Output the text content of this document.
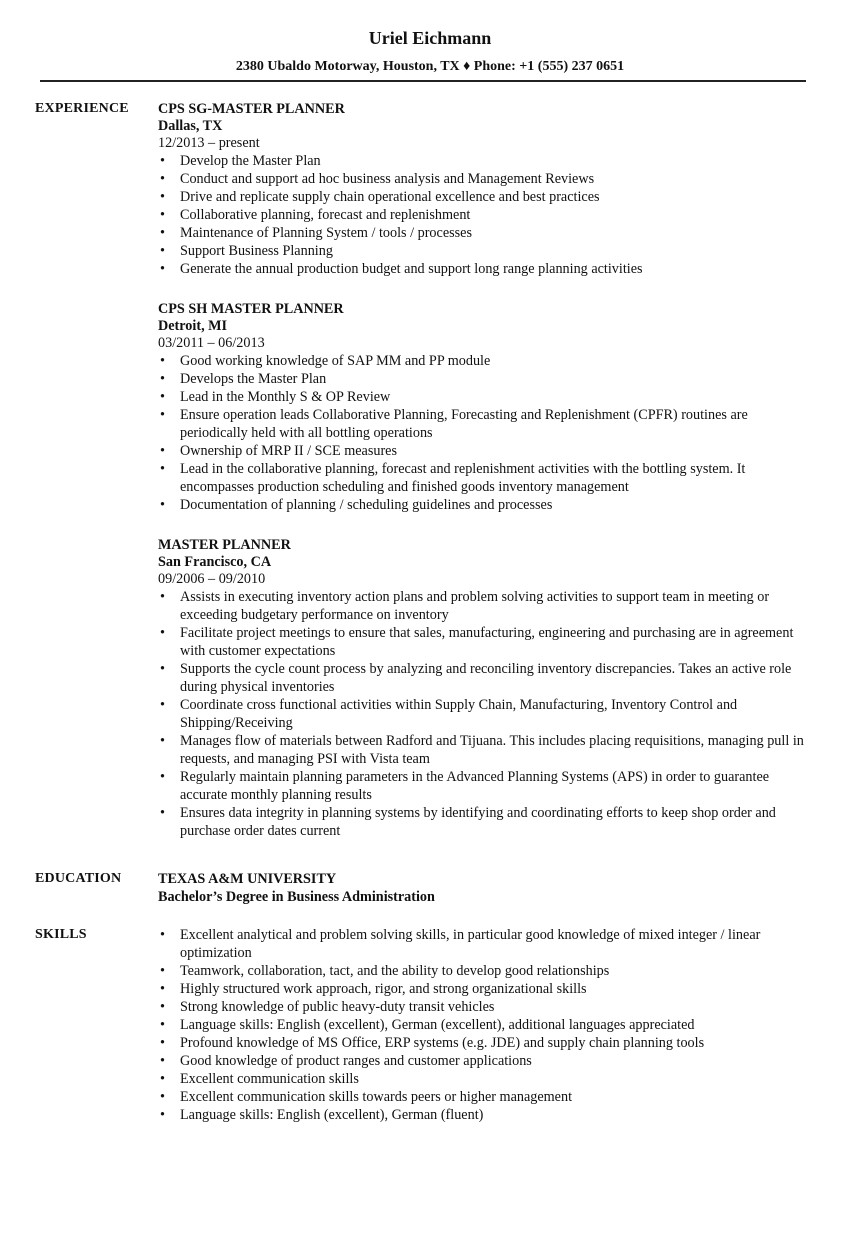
Uriel Eichmann
2380 Ubaldo Motorway, Houston, TX ♦ Phone: +1 (555) 237 0651
EXPERIENCE CPS SG-MASTER PLANNER
Dallas, TX
12/2013 – present
• Develop the Master Plan
• Conduct and support ad hoc business analysis and Management Reviews
• Drive and replicate supply chain operational excellence and best practices
• Collaborative planning, forecast and replenishment
• Maintenance of Planning System / tools / processes
• Support Business Planning
• Generate the annual production budget and support long range planning activities
CPS SH MASTER PLANNER
Detroit, MI
03/2011 – 06/2013
• Good working knowledge of SAP MM and PP module
• Develops the Master Plan
• Lead in the Monthly S & OP Review
• Ensure operation leads Collaborative Planning, Forecasting and Replenishment (CPFR) routines are periodically held with all bottling operations
• Ownership of MRP II / SCE measures
• Lead in the collaborative planning, forecast and replenishment activities with the bottling system. It encompasses production scheduling and finished goods inventory management
• Documentation of planning / scheduling guidelines and processes
MASTER PLANNER
San Francisco, CA
09/2006 – 09/2010
• Assists in executing inventory action plans and problem solving activities to support team in meeting or exceeding budgetary performance on inventory
• Facilitate project meetings to ensure that sales, manufacturing, engineering and purchasing are in agreement with customer expectations
• Supports the cycle count process by analyzing and reconciling inventory discrepancies. Takes an active role during physical inventories
• Coordinate cross functional activities within Supply Chain, Manufacturing, Inventory Control and Shipping/Receiving
• Manages flow of materials between Radford and Tijuana. This includes placing requisitions, managing pull in requests, and managing PSI with Vista team
• Regularly maintain planning parameters in the Advanced Planning Systems (APS) in order to guarantee accurate monthly planning results
• Ensures data integrity in planning systems by identifying and coordinating efforts to keep shop order and purchase order dates current
EDUCATION	TEXAS A&M UNIVERSITY
Bachelor’s Degree in Business Administration
SKILLS
•	Excellent analytical and problem solving skills, in particular good knowledge of mixed integer / linear optimization
• Teamwork, collaboration, tact, and the ability to develop good relationships
• Highly structured work approach, rigor, and strong organizational skills
• Strong knowledge of public heavy-duty transit vehicles
• Language skills: English (excellent), German (excellent), additional languages appreciated
• Profound knowledge of MS Office, ERP systems (e.g. JDE) and supply chain planning tools
• Good knowledge of product ranges and customer applications
• Excellent communication skills
• Excellent communication skills towards peers or higher management
• Language skills: English (excellent), German (fluent)
